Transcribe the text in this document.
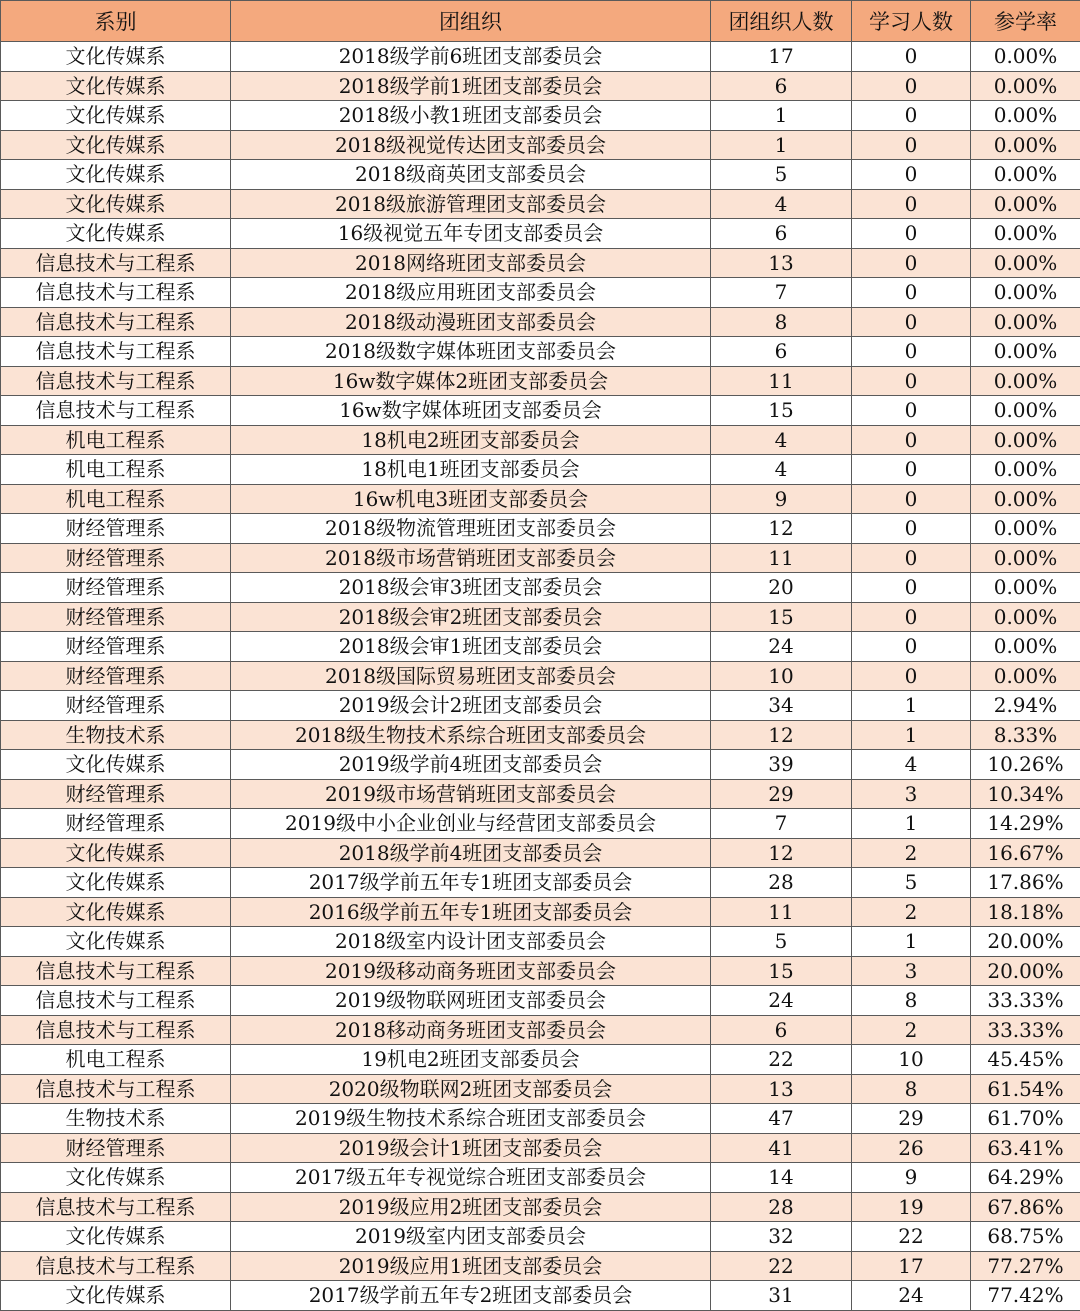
系别	团组织	团组织人数	学习人数	参学率
文化传媒系	2018级学前6班团支部委员会	17	0	0.00%
文化传媒系	2018级学前1班团支部委员会	6	0	0.00%
文化传媒系	2018级小教1班团支部委员会	1	0	0.00%
文化传媒系	2018级视觉传达团支部委员会	1	0	0.00%
文化传媒系	2018级商英团支部委员会	5	0	0.00%
文化传媒系	2018级旅游管理团支部委员会	4	0	0.00%
文化传媒系	16级视觉五年专团支部委员会	6	0	0.00%
信息技术与工程系	2018网络班团支部委员会	13	0	0.00%
信息技术与工程系	2018级应用班团支部委员会	7	0	0.00%
信息技术与工程系	2018级动漫班团支部委员会	8	0	0.00%
信息技术与工程系	2018级数字媒体班团支部委员会	6	0	0.00%
信息技术与工程系	16w数字媒体2班团支部委员会	11	0	0.00%
信息技术与工程系	16w数字媒体班团支部委员会	15	0	0.00%
机电工程系	18机电2班团支部委员会	4	0	0.00%
机电工程系	18机电1班团支部委员会	4	0	0.00%
机电工程系	16w机电3班团支部委员会	9	0	0.00%
财经管理系	2018级物流管理班团支部委员会	12	0	0.00%
财经管理系	2018级市场营销班团支部委员会	11	0	0.00%
财经管理系	2018级会审3班团支部委员会	20	0	0.00%
财经管理系	2018级会审2班团支部委员会	15	0	0.00%
财经管理系	2018级会审1班团支部委员会	24	0	0.00%
财经管理系	2018级国际贸易班团支部委员会	10	0	0.00%
财经管理系	2019级会计2班团支部委员会	34	1	2.94%
生物技术系	2018级生物技术系综合班团支部委员会	12	1	8.33%
文化传媒系	2019级学前4班团支部委员会	39	4	10.26%
财经管理系	2019级市场营销班团支部委员会	29	3	10.34%
财经管理系	2019级中小企业创业与经营团支部委员会	7	1	14.29%
文化传媒系	2018级学前4班团支部委员会	12	2	16.67%
文化传媒系	2017级学前五年专1班团支部委员会	28	5	17.86%
文化传媒系	2016级学前五年专1班团支部委员会	11	2	18.18%
文化传媒系	2018级室内设计团支部委员会	5	1	20.00%
信息技术与工程系	2019级移动商务班团支部委员会	15	3	20.00%
信息技术与工程系	2019级物联网班团支部委员会	24	8	33.33%
信息技术与工程系	2018移动商务班团支部委员会	6	2	33.33%
机电工程系	19机电2班团支部委员会	22	10	45.45%
信息技术与工程系	2020级物联网2班团支部委员会	13	8	61.54%
生物技术系	2019级生物技术系综合班团支部委员会	47	29	61.70%
财经管理系	2019级会计1班团支部委员会	41	26	63.41%
文化传媒系	2017级五年专视觉综合班团支部委员会	14	9	64.29%
信息技术与工程系	2019级应用2班团支部委员会	28	19	67.86%
文化传媒系	2019级室内团支部委员会	32	22	68.75%
信息技术与工程系	2019级应用1班团支部委员会	22	17	77.27%
文化传媒系	2017级学前五年专2班团支部委员会	31	24	77.42%
